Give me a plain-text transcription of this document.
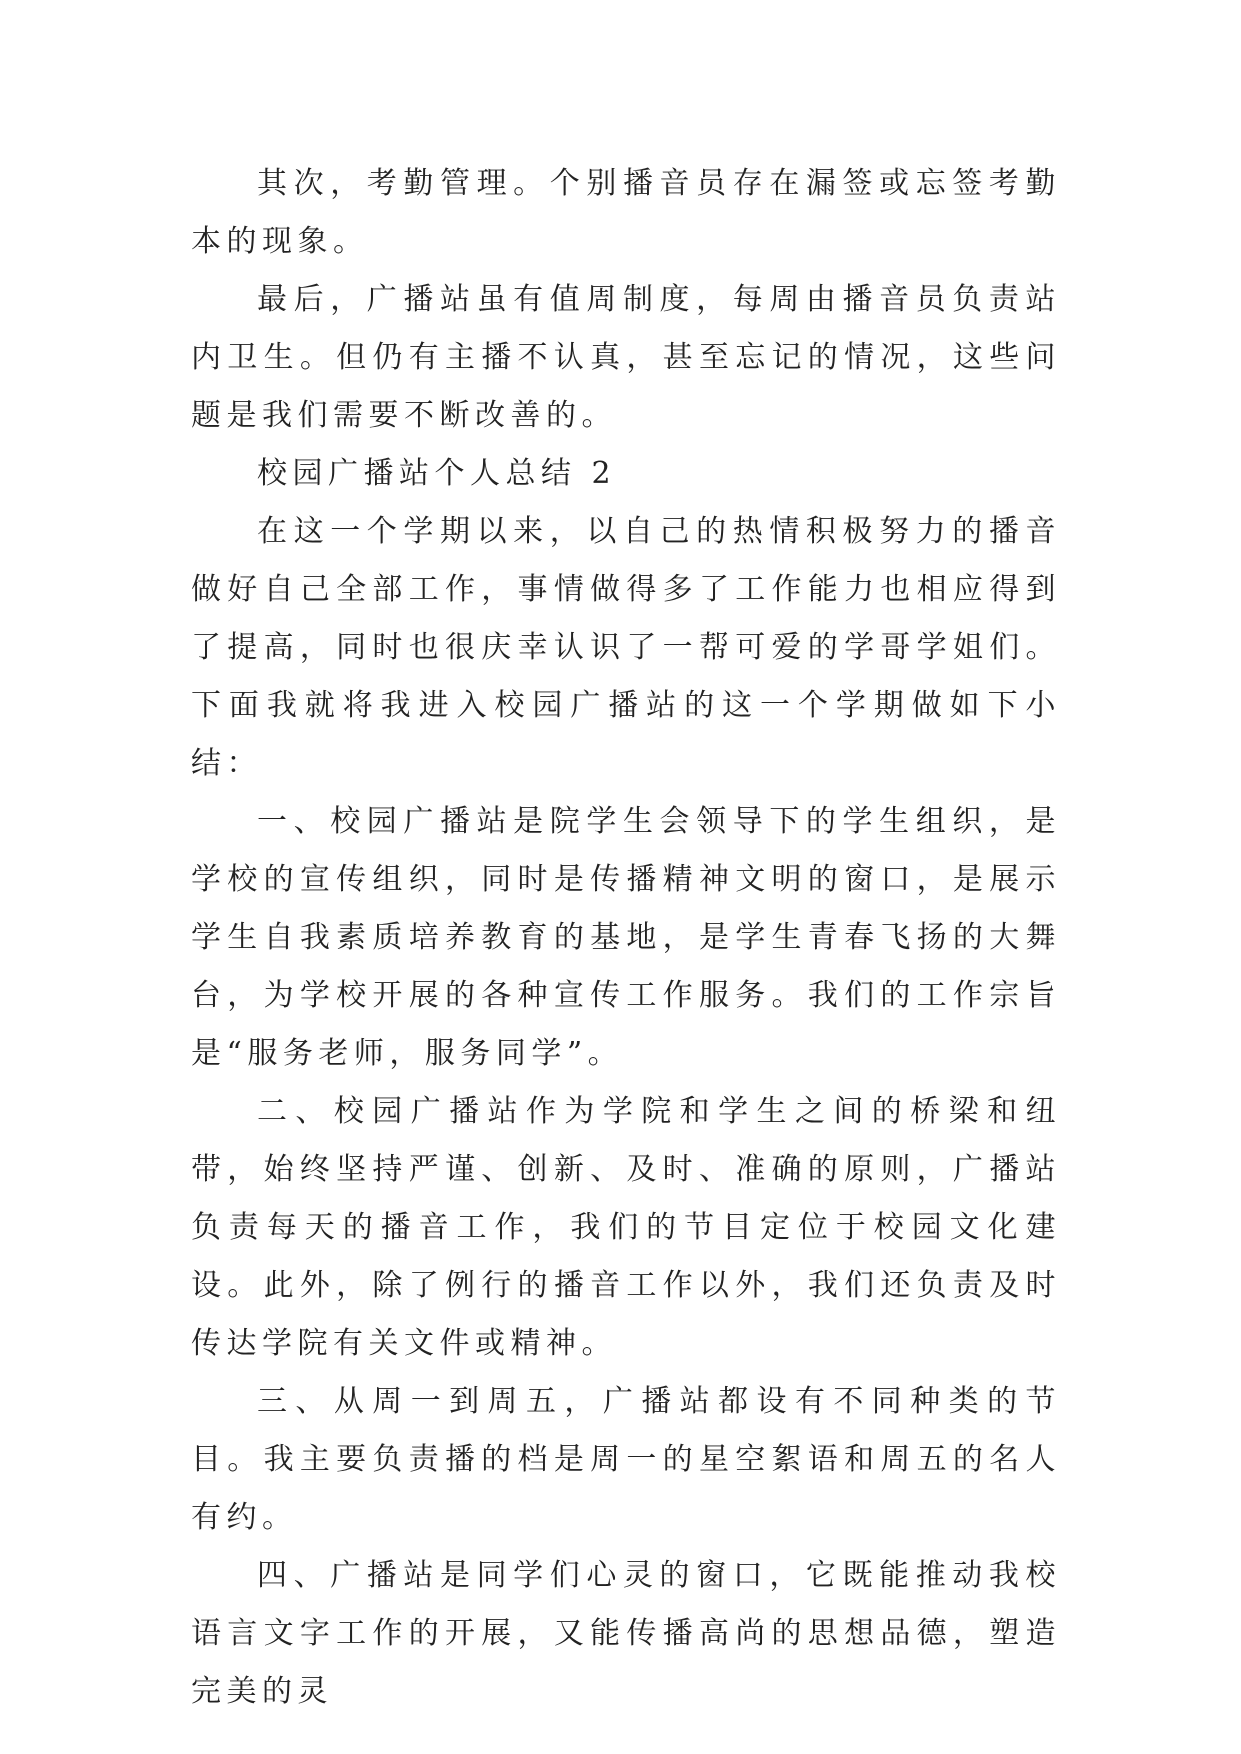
其次，考勤管理。个别播音员存在漏签或忘签考勤本的现象。

最后，广播站虽有值周制度，每周由播音员负责站内卫生。但仍有主播不认真，甚至忘记的情况，这些问题是我们需要不断改善的。

校园广播站个人总结 2

在这一个学期以来，以自己的热情积极努力的播音做好自己全部工作，事情做得多了工作能力也相应得到了提高，同时也很庆幸认识了一帮可爱的学哥学姐们。下面我就将我进入校园广播站的这一个学期做如下小结：

一、校园广播站是院学生会领导下的学生组织，是学校的宣传组织，同时是传播精神文明的窗口，是展示学生自我素质培养教育的基地，是学生青春飞扬的大舞台，为学校开展的各种宣传工作服务。我们的工作宗旨是“服务老师，服务同学”。

二、校园广播站作为学院和学生之间的桥梁和纽带，始终坚持严谨、创新、及时、准确的原则，广播站负责每天的播音工作，我们的节目定位于校园文化建设。此外，除了例行的播音工作以外，我们还负责及时传达学院有关文件或精神。

三、从周一到周五，广播站都设有不同种类的节目。我主要负责播的档是周一的星空絮语和周五的名人有约。

四、广播站是同学们心灵的窗口，它既能推动我校语言文字工作的开展，又能传播高尚的思想品德，塑造完美的灵
